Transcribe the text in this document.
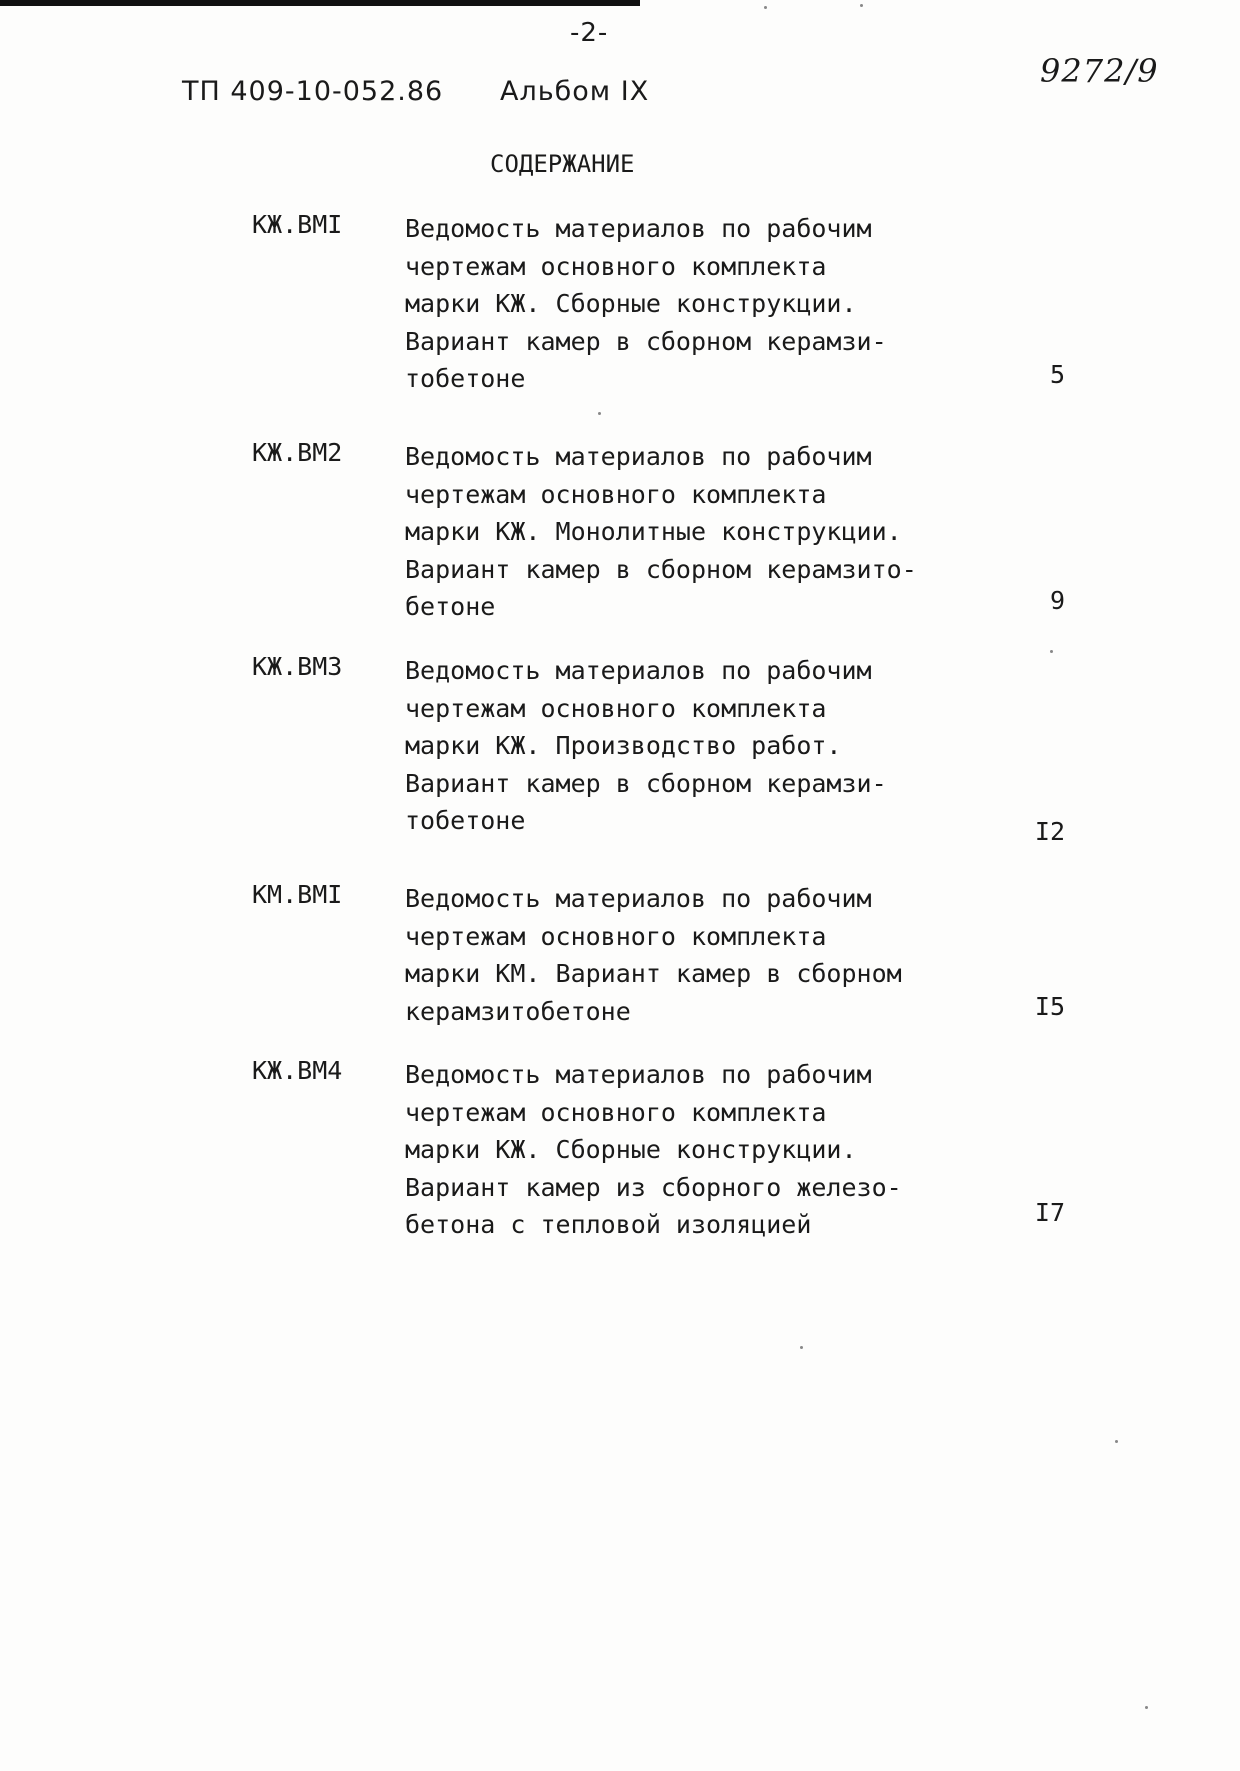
-2-
ТП 409-10-052.86 Альбом IX
9272/9
СОДЕРЖАНИЕ
КЖ.ВМI	Ведомость материалов по рабочим
чертежам основного комплекта
марки КЖ. Сборные конструкции.
Вариант камер в сборном керамзи-
тобетоне	5
КЖ.ВМ2	Ведомость материалов по рабочим
чертежам основного комплекта
марки КЖ. Монолитные конструкции.
Вариант камер в сборном керамзито-
бетоне	9
КЖ.ВМ3	Ведомость материалов по рабочим
чертежам основного комплекта
марки КЖ. Производство работ.
Вариант камер в сборном керамзи-
тобетоне	I2
КМ.ВМI	Ведомость материалов по рабочим
чертежам основного комплекта
марки КМ. Вариант камер в сборном
керамзитобетоне	I5
КЖ.ВМ4	Ведомость материалов по рабочим
чертежам основного комплекта
марки КЖ. Сборные конструкции.
Вариант камер из сборного железо-
бетона с тепловой изоляцией	I7
